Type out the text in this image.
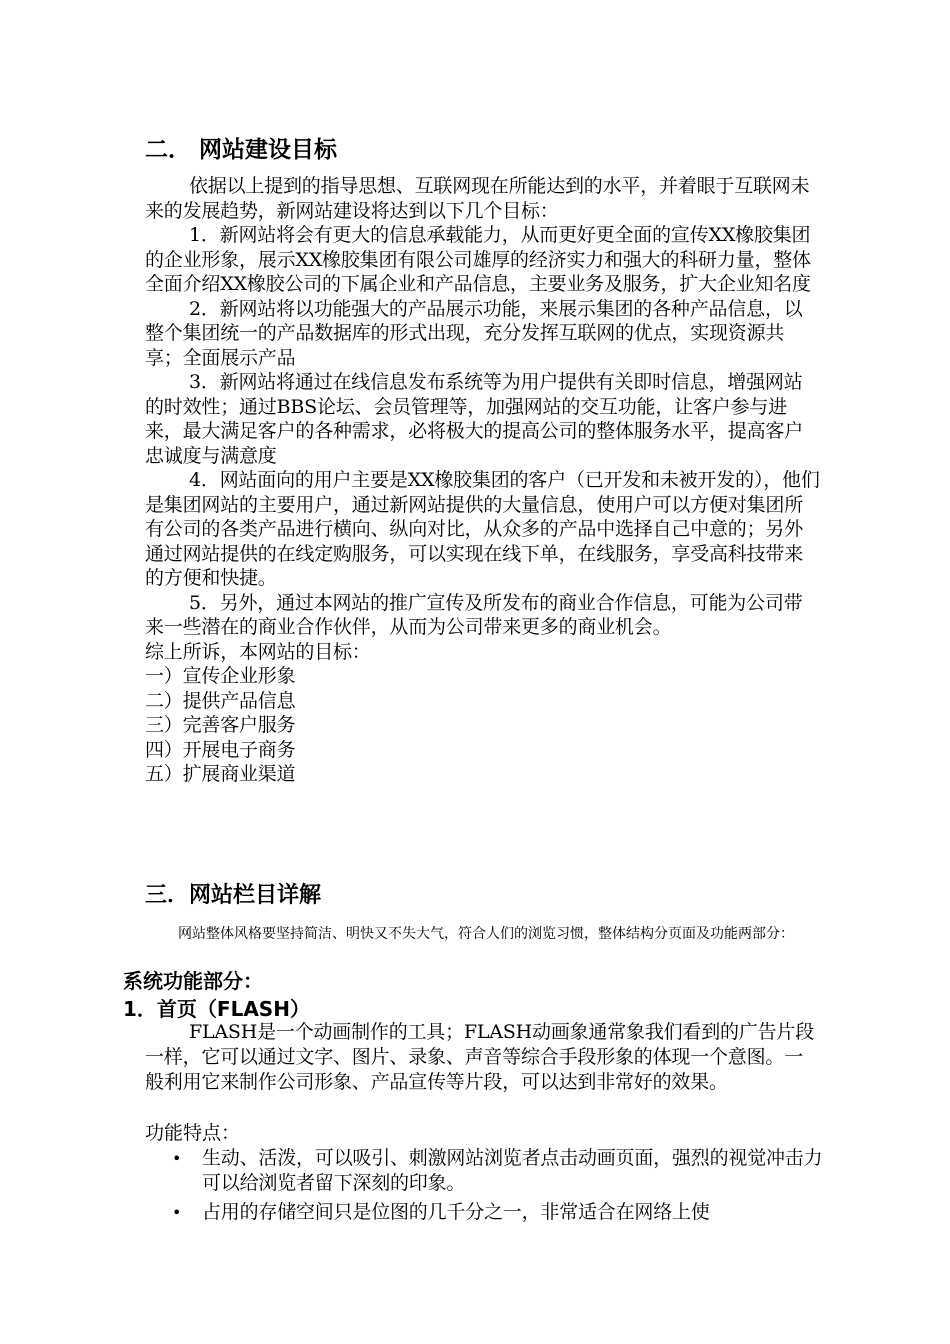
二． 网站建设目标

依据以上提到的指导思想、互联网现在所能达到的水平，并着眼于互联网未来的发展趋势，新网站建设将达到以下几个目标：

1．新网站将会有更大的信息承载能力，从而更好更全面的宣传XX橡胶集团的企业形象，展示XX橡胶集团有限公司雄厚的经济实力和强大的科研力量，整体全面介绍XX橡胶公司的下属企业和产品信息，主要业务及服务，扩大企业知名度

2．新网站将以功能强大的产品展示功能，来展示集团的各种产品信息，以整个集团统一的产品数据库的形式出现，充分发挥互联网的优点，实现资源共享；全面展示产品

3．新网站将通过在线信息发布系统等为用户提供有关即时信息，增强网站的时效性；通过BBS论坛、会员管理等，加强网站的交互功能，让客户参与进来，最大满足客户的各种需求，必将极大的提高公司的整体服务水平，提高客户忠诚度与满意度

4．网站面向的用户主要是XX橡胶集团的客户（已开发和未被开发的），他们是集团网站的主要用户，通过新网站提供的大量信息，使用户可以方便对集团所有公司的各类产品进行横向、纵向对比，从众多的产品中选择自己中意的；另外通过网站提供的在线定购服务，可以实现在线下单，在线服务，享受高科技带来的方便和快捷。

5．另外，通过本网站的推广宣传及所发布的商业合作信息，可能为公司带来一些潜在的商业合作伙伴，从而为公司带来更多的商业机会。

综上所诉，本网站的目标：

一）宣传企业形象

二）提供产品信息

三）完善客户服务

四）开展电子商务

五）扩展商业渠道

三．网站栏目详解

网站整体风格要坚持简洁、明快又不失大气，符合人们的浏览习惯，整体结构分页面及功能两部分：

系统功能部分：
1．首页（FLASH）

FLASH是一个动画制作的工具；FLASH动画象通常象我们看到的广告片段一样，它可以通过文字、图片、录象、声音等综合手段形象的体现一个意图。一般利用它来制作公司形象、产品宣传等片段，可以达到非常好的效果。

功能特点：

• 生动、活泼，可以吸引、刺激网站浏览者点击动画页面，强烈的视觉冲击力可以给浏览者留下深刻的印象。
• 占用的存储空间只是位图的几千分之一，非常适合在网络上使
